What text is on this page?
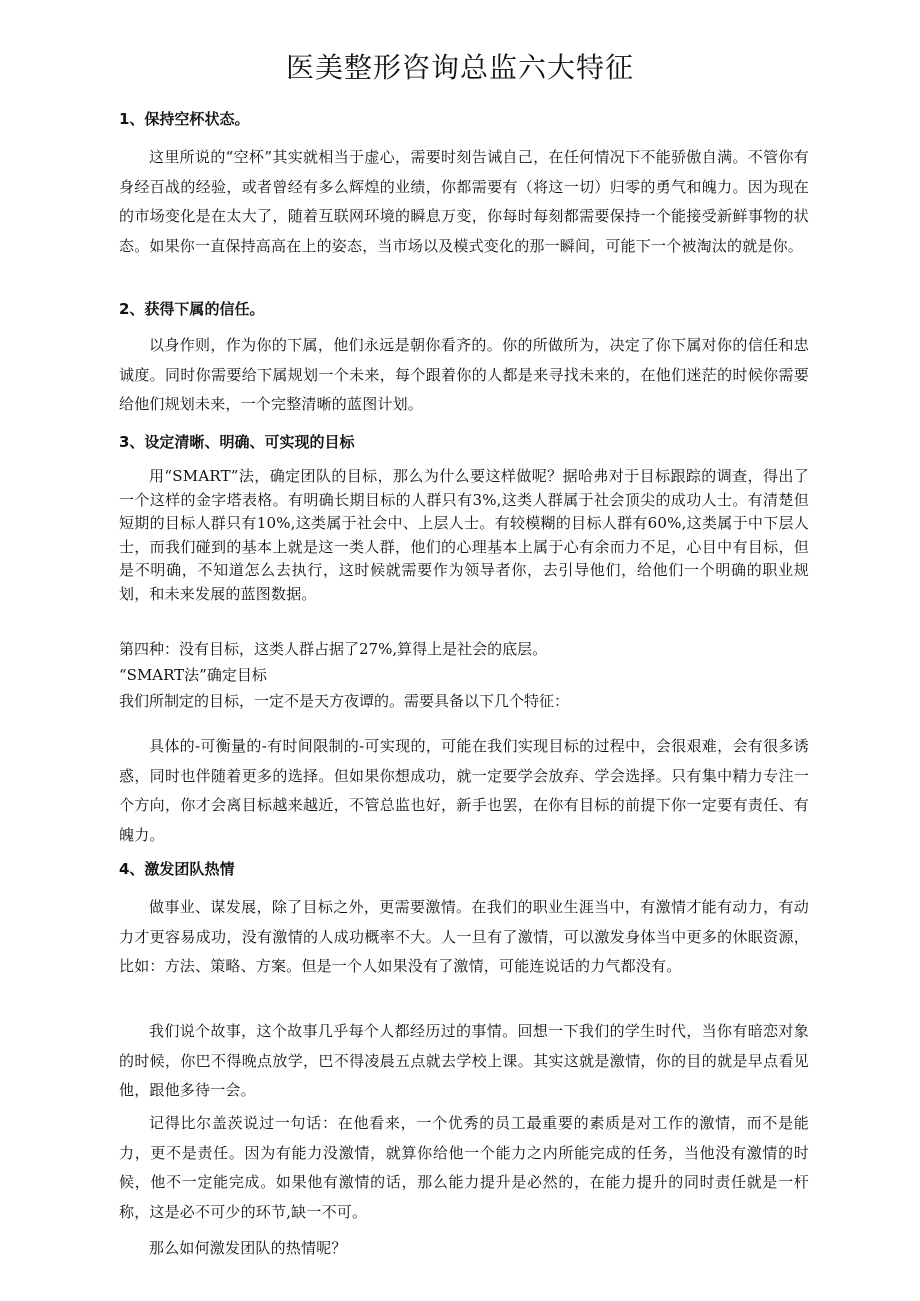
医美整形咨询总监六大特征

1、保持空杯状态。

这里所说的“空杯”其实就相当于虚心，需要时刻告诫自己，在任何情况下不能骄傲自满。不管你有身经百战的经验，或者曾经有多么辉煌的业绩，你都需要有（将这一切）归零的勇气和魄力。因为现在的市场变化是在太大了，随着互联网环境的瞬息万变，你每时每刻都需要保持一个能接受新鲜事物的状态。如果你一直保持高高在上的姿态，当市场以及模式变化的那一瞬间，可能下一个被淘汰的就是你。

2、获得下属的信任。

以身作则，作为你的下属，他们永远是朝你看齐的。你的所做所为，决定了你下属对你的信任和忠诚度。同时你需要给下属规划一个未来，每个跟着你的人都是来寻找未来的，在他们迷茫的时候你需要给他们规划未来，一个完整清晰的蓝图计划。

3、设定清晰、明确、可实现的目标

用“SMART”法，确定团队的目标，那么为什么要这样做呢？据哈弗对于目标跟踪的调查，得出了一个这样的金字塔表格。有明确长期目标的人群只有3%,这类人群属于社会顶尖的成功人士。有清楚但短期的目标人群只有10%,这类属于社会中、上层人士。有较模糊的目标人群有60%,这类属于中下层人士，而我们碰到的基本上就是这一类人群，他们的心理基本上属于心有余而力不足，心目中有目标，但是不明确，不知道怎么去执行，这时候就需要作为领导者你，去引导他们，给他们一个明确的职业规划，和未来发展的蓝图数据。

第四种：没有目标，这类人群占据了27%,算得上是社会的底层。

“SMART法”确定目标

我们所制定的目标，一定不是天方夜谭的。需要具备以下几个特征：

具体的-可衡量的-有时间限制的-可实现的，可能在我们实现目标的过程中，会很艰难，会有很多诱惑，同时也伴随着更多的选择。但如果你想成功，就一定要学会放弃、学会选择。只有集中精力专注一个方向，你才会离目标越来越近，不管总监也好，新手也罢，在你有目标的前提下你一定要有责任、有魄力。

4、激发团队热情

做事业、谋发展，除了目标之外，更需要激情。在我们的职业生涯当中，有激情才能有动力，有动力才更容易成功，没有激情的人成功概率不大。人一旦有了激情，可以激发身体当中更多的休眠资源，比如：方法、策略、方案。但是一个人如果没有了激情，可能连说话的力气都没有。

我们说个故事，这个故事几乎每个人都经历过的事情。回想一下我们的学生时代，当你有暗恋对象的时候，你巴不得晚点放学，巴不得凌晨五点就去学校上课。其实这就是激情，你的目的就是早点看见他，跟他多待一会。

记得比尔盖茨说过一句话：在他看来，一个优秀的员工最重要的素质是对工作的激情，而不是能力，更不是责任。因为有能力没激情，就算你给他一个能力之内所能完成的任务，当他没有激情的时候，他不一定能完成。如果他有激情的话，那么能力提升是必然的，在能力提升的同时责任就是一杆称，这是必不可少的环节,缺一不可。

那么如何激发团队的热情呢？
